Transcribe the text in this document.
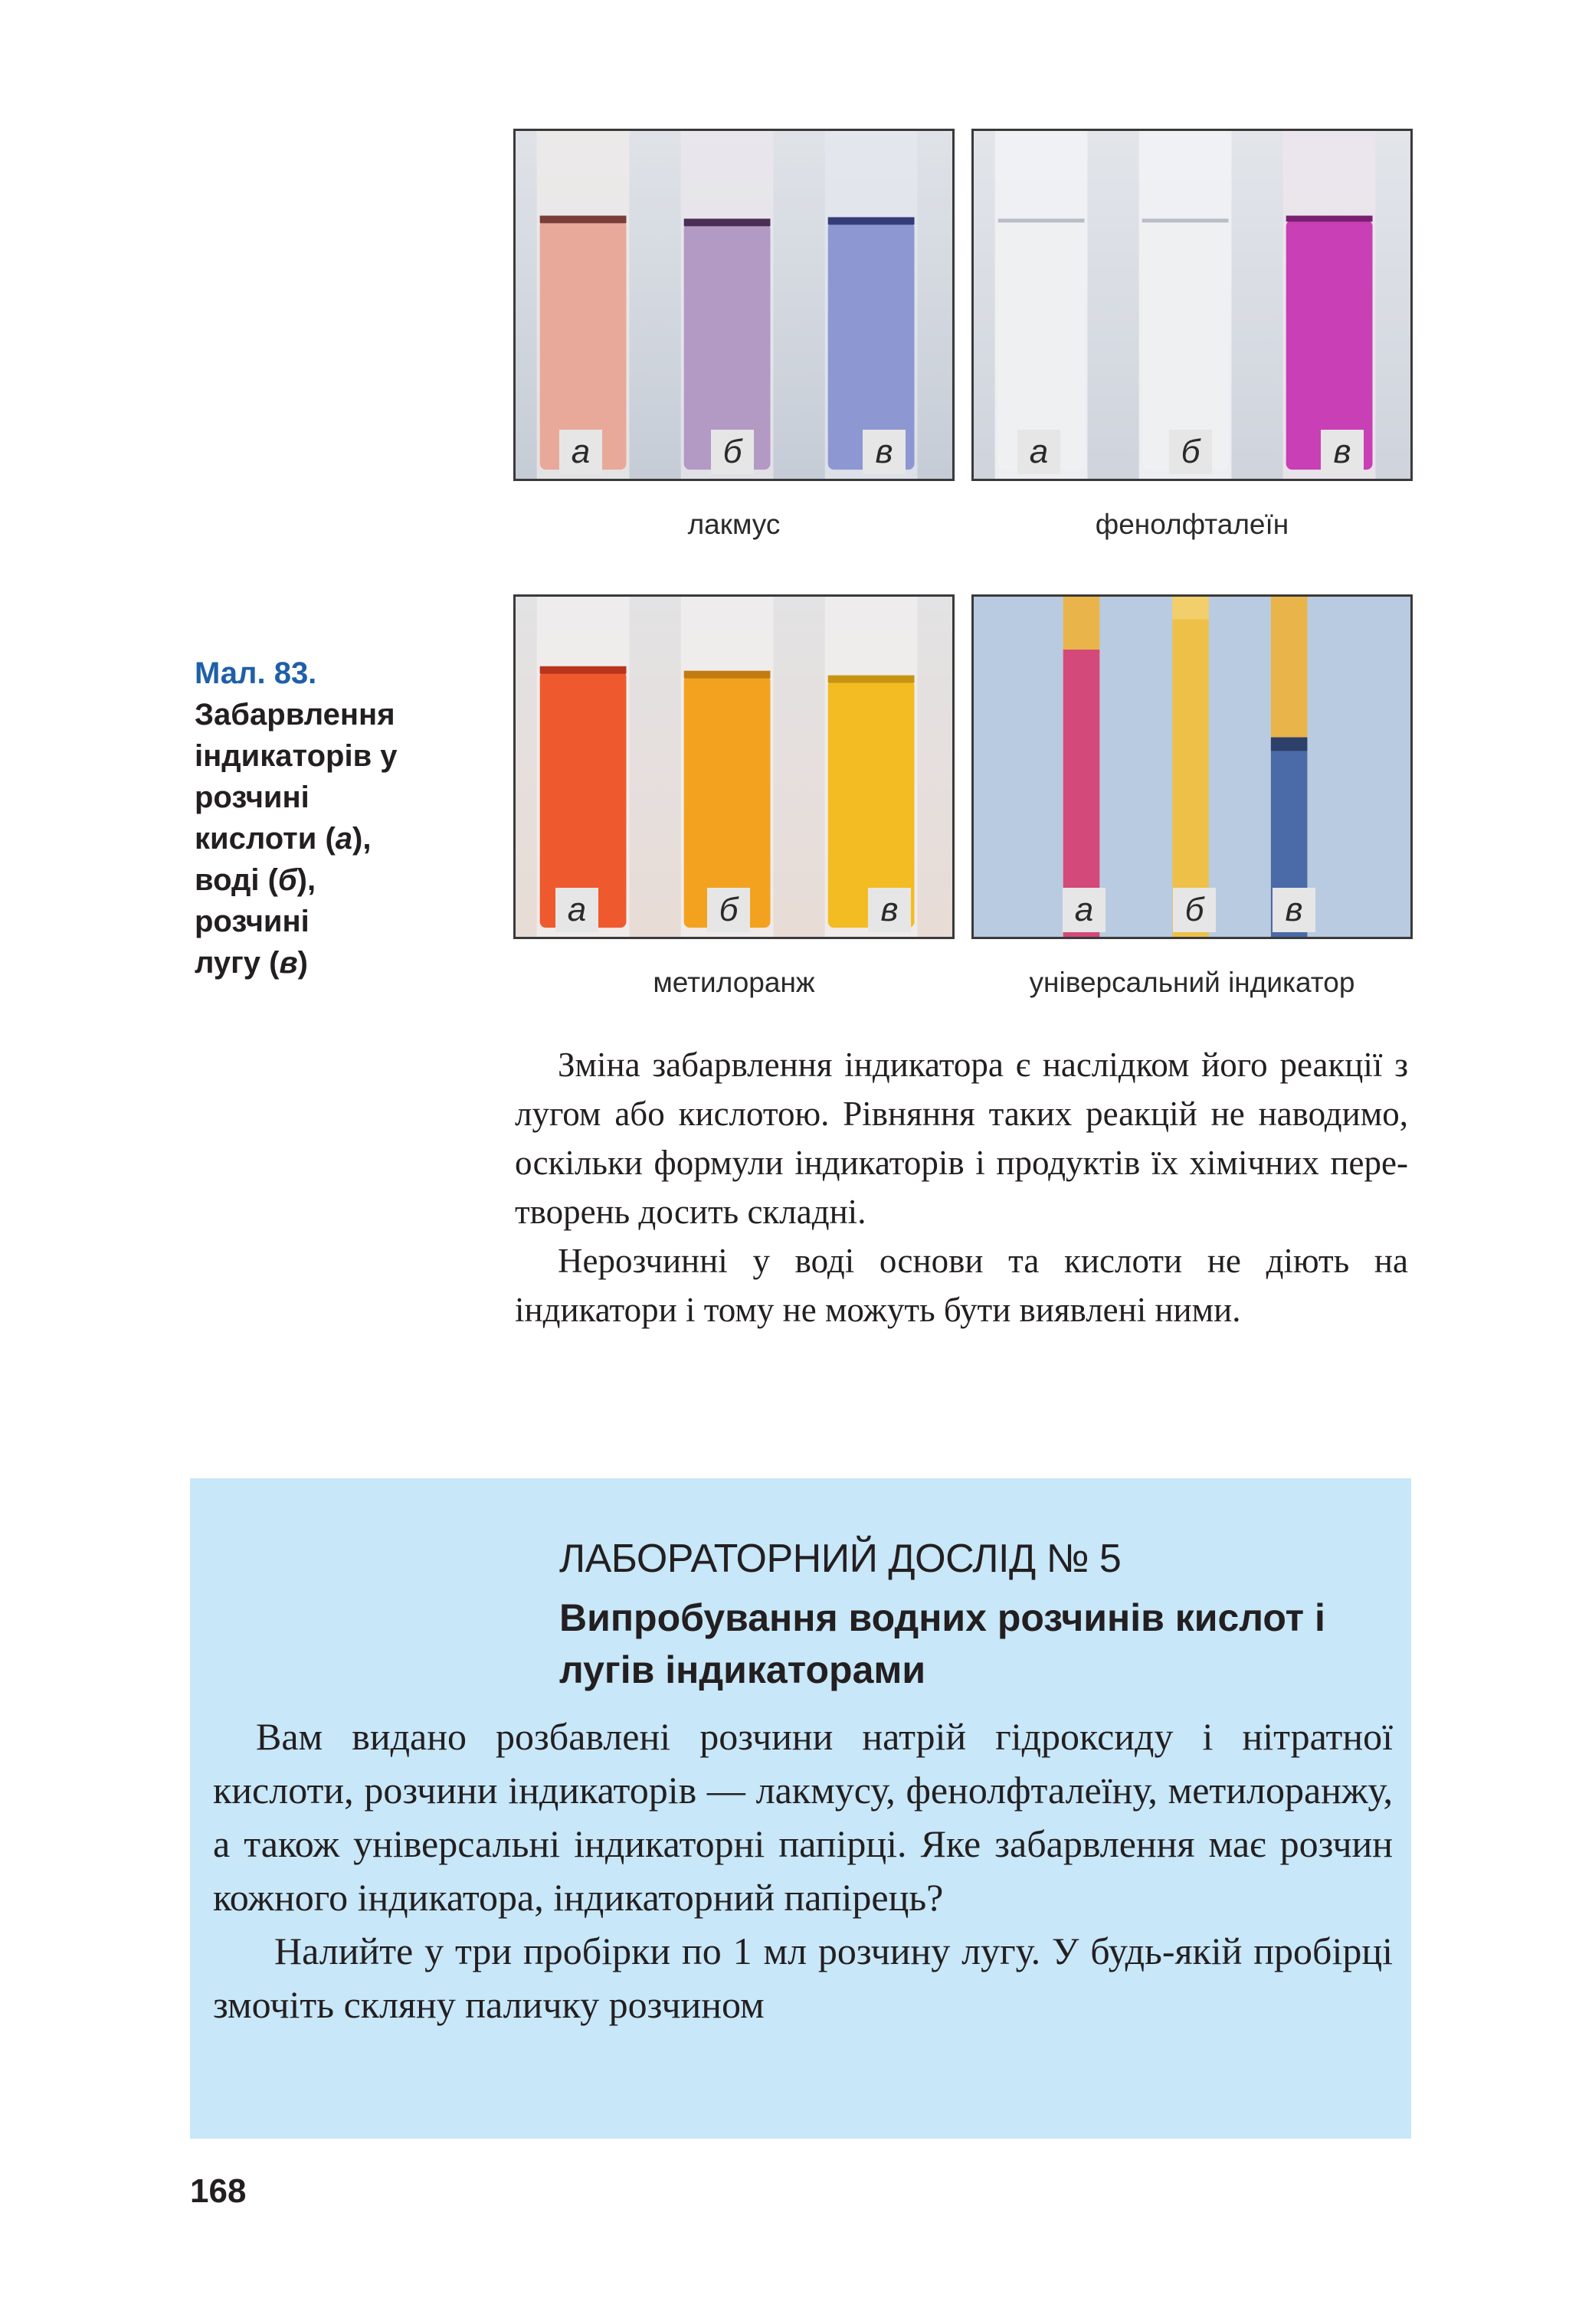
а	б	в
лакмус
а	б	в
фенолфталеїн
а	б	в
метилоранж
а	б	в
універсальний індикатор
Мал. 83.
Забарвлення
індикаторів у
розчині
кислоти (а),
воді (б),
розчині
лугу (в)

Зміна забарвлення індикатора є наслідком його реакції з лугом або кислотою. Рівняння таких реакцій не наводимо, оскільки формули індикаторів і продуктів їх хімічних перетворень досить складні.

Нерозчинні у воді основи та кислоти не діють на індикатори і тому не можуть бути виявлені ними.

ЛАБОРАТОРНИЙ ДОСЛІД № 5
Випробування водних розчинів кислот і лугів індикаторами

Вам видано розбавлені розчини натрій гідроксиду і нітратної кислоти, розчини індикаторів — лакмусу, фенолфталеїну, метилоранжу, а також універсальні індикаторні папірці. Яке забарвлення має розчин кожного індикатора, індикаторний папірець?

Налийте у три пробірки по 1 мл розчину лугу. У будь-якій пробірці змочіть скляну паличку розчином

168
